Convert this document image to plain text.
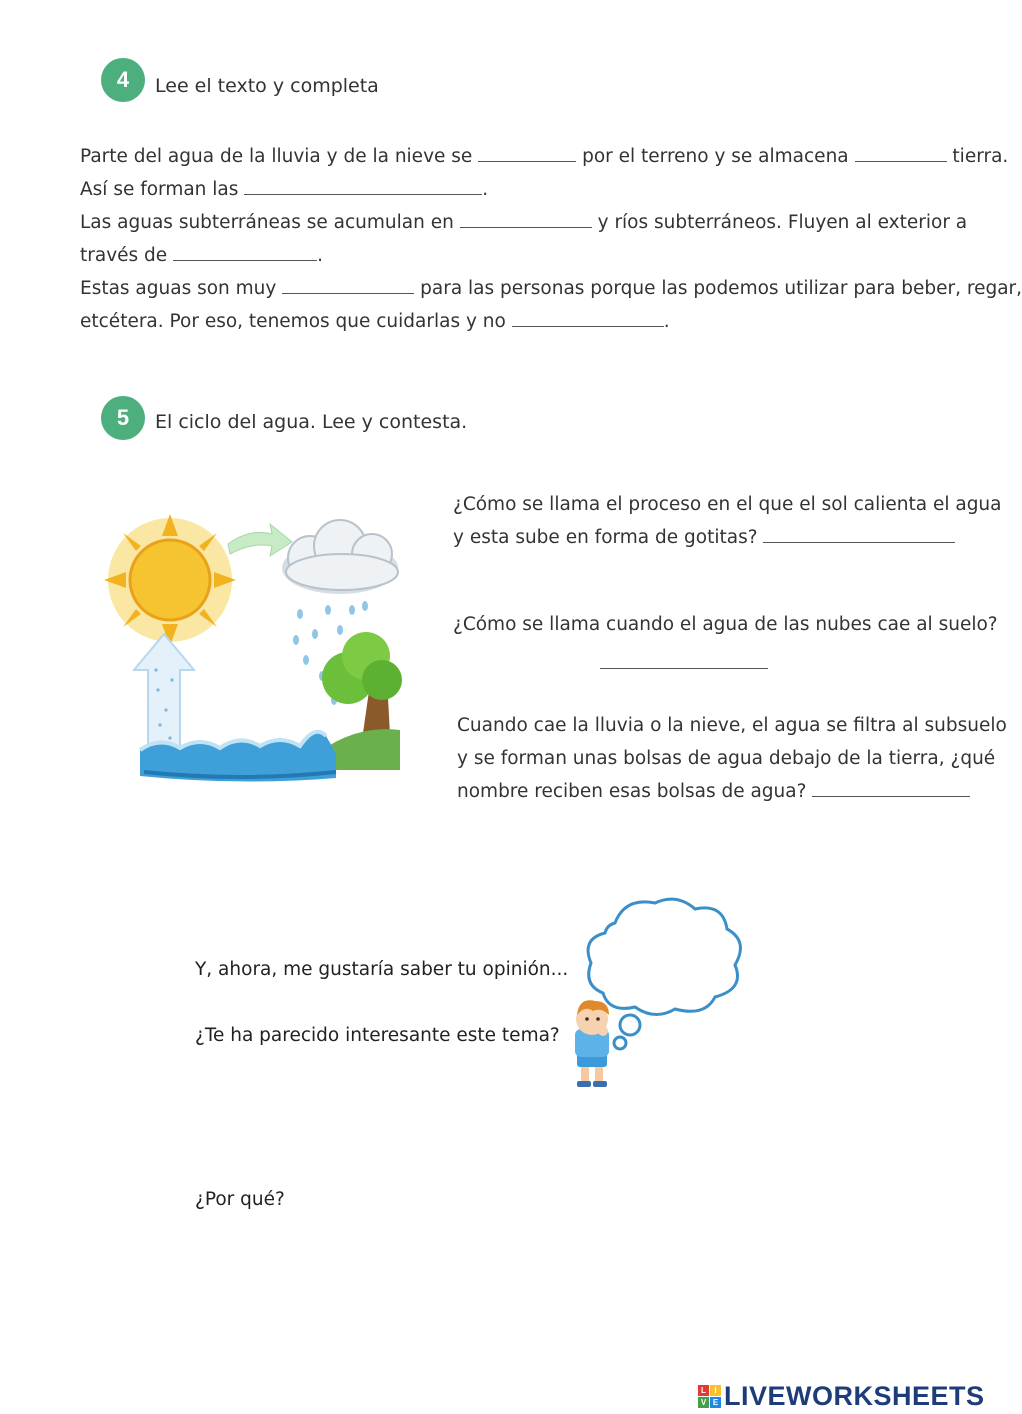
4	Lee el texto y completa
Parte del agua de la lluvia y de la nieve se	por el terreno y se almacena	tierra.
Así se forman las	.
Las aguas subterráneas se acumulan en	y ríos subterráneos. Fluyen al exterior a
través de	.
Estas aguas son muy	para las personas porque las podemos utilizar para beber, regar,
etcétera. Por eso, tenemos que cuidarlas y no	.
5	El ciclo del agua. Lee y contesta.
¿Cómo se llama el proceso en el que el sol calienta el agua
y esta sube en forma de gotitas?
¿Cómo se llama cuando el agua de las nubes cae al suelo?
Cuando cae la lluvia o la nieve, el agua se filtra al subsuelo
y se forman unas bolsas de agua debajo de la tierra, ¿qué
nombre reciben esas bolsas de agua?
Y, ahora, me gustaría saber tu opinión...
¿Te ha parecido interesante este tema?
¿Por qué?
L	I
V E LIVEWORKSHEETS
